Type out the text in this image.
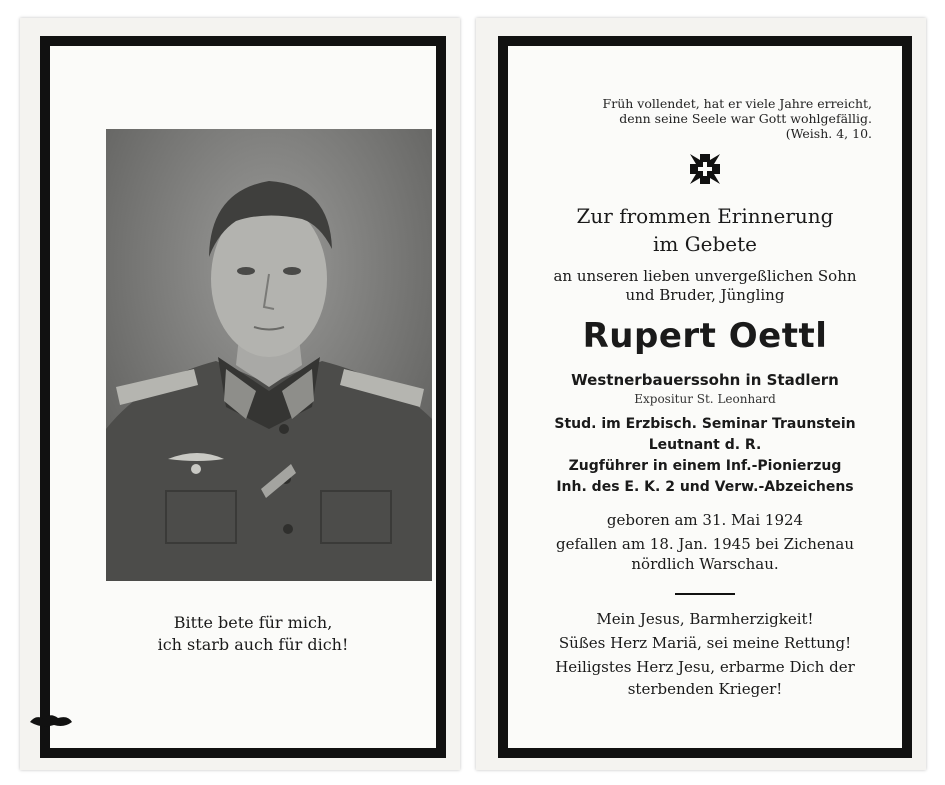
Bitte bete für mich,
ich starb auch für dich!
Früh vollendet, hat er viele Jahre erreicht,
denn seine Seele war Gott wohlgefällig.
(Weish. 4, 10.
Zur frommen Erinnerung
im Gebete
an unseren lieben unvergeßlichen Sohn
und Bruder, Jüngling
Rupert Oettl
Westnerbauerssohn in Stadlern
Expositur St. Leonhard
Stud. im Erzbisch. Seminar Traunstein
Leutnant d. R.
Zugführer in einem Inf.-Pionierzug
Inh. des E. K. 2 und Verw.-Abzeichens
geboren am 31. Mai 1924
gefallen am 18. Jan. 1945 bei Zichenau
nördlich Warschau.
Mein Jesus, Barmherzigkeit!
Süßes Herz Mariä, sei meine Rettung!
Heiligstes Herz Jesu, erbarme Dich der
sterbenden Krieger!
